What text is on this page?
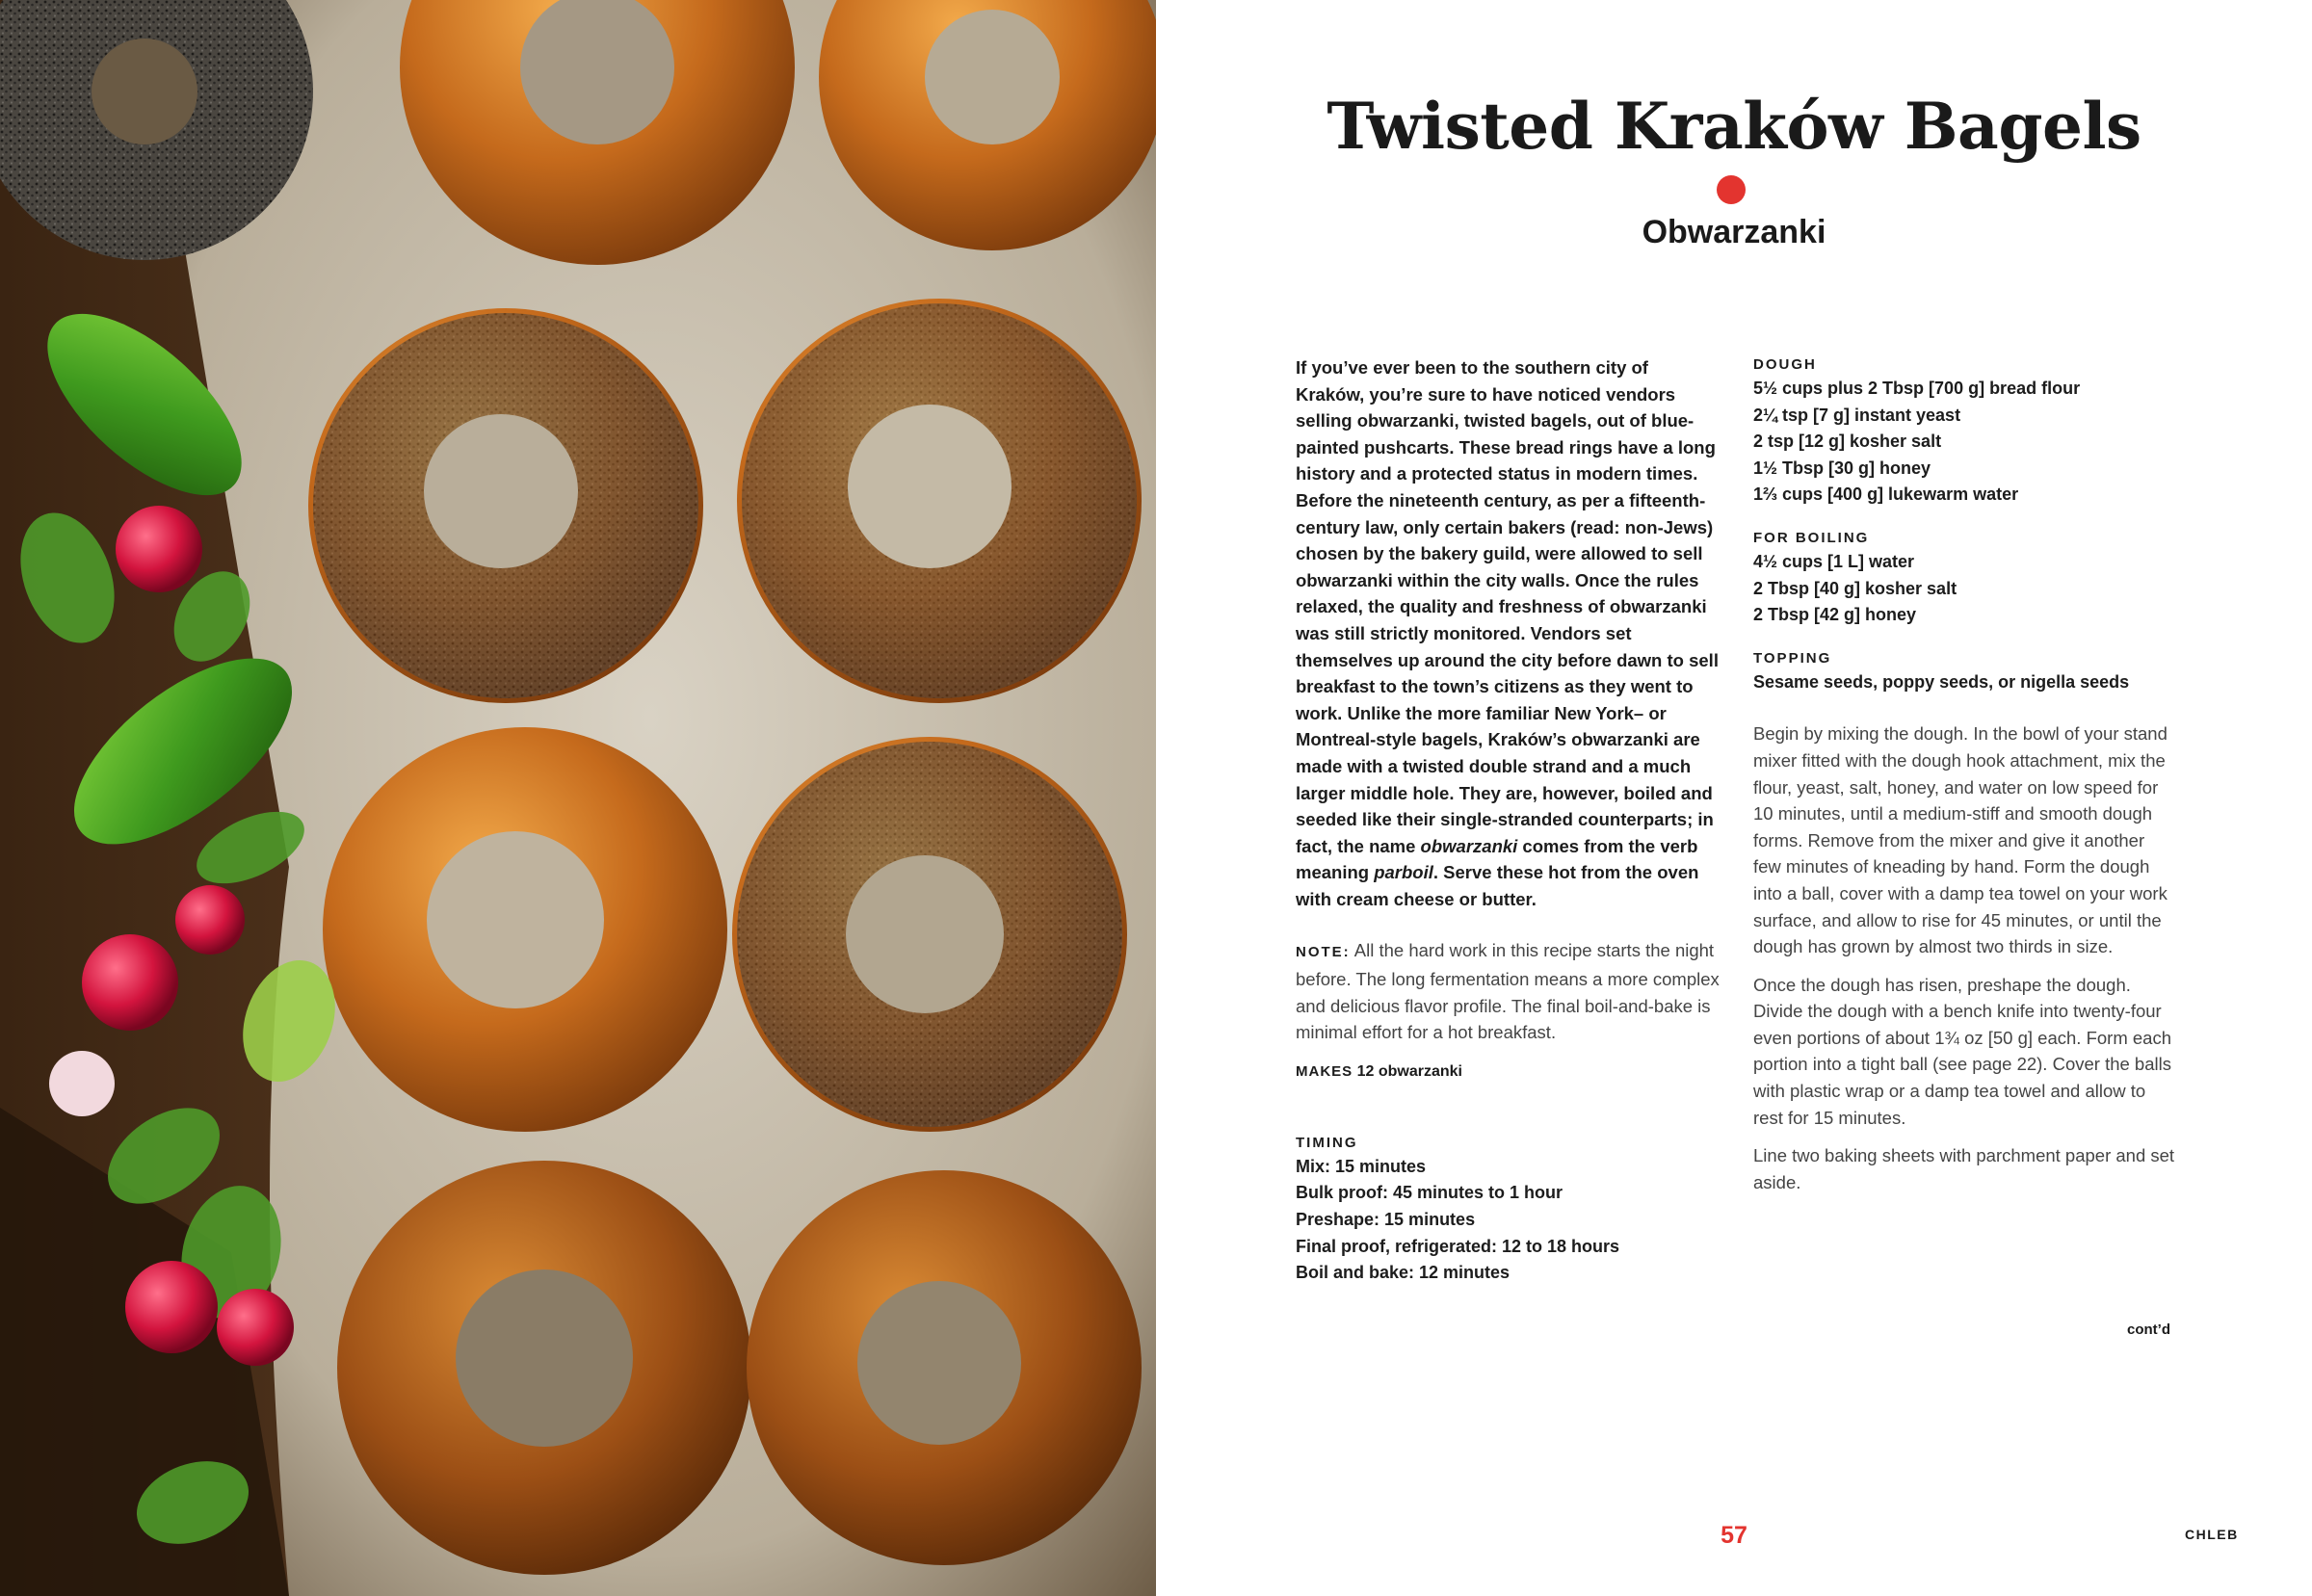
Twisted Kraków Bagels
Obwarzanki

If you’ve ever been to the southern city of Kraków, you’re sure to have noticed vendors selling obwarzanki, twisted bagels, out of blue-painted pushcarts. These bread rings have a long history and a protected status in modern times. Before the nineteenth century, as per a fifteenth-century law, only certain bakers (read: non-Jews) chosen by the bakery guild, were allowed to sell obwarzanki within the city walls. Once the rules relaxed, the quality and freshness of obwarzanki was still strictly monitored. Vendors set themselves up around the city before dawn to sell breakfast to the town’s citizens as they went to work. Unlike the more familiar New York– or Montreal-style bagels, Kraków’s obwarzanki are made with a twisted double strand and a much larger middle hole. They are, however, boiled and seeded like their single-stranded counterparts; in fact, the name obwarzanki comes from the verb meaning parboil. Serve these hot from the oven with cream cheese or butter.

NOTE: All the hard work in this recipe starts the night before. The long fermentation means a more complex and delicious flavor profile. The final boil-and-bake is minimal effort for a hot breakfast.

MAKES 12 obwarzanki

TIMING
Mix: 15 minutes
Bulk proof: 45 minutes to 1 hour
Preshape: 15 minutes
Final proof, refrigerated: 12 to 18 hours
Boil and bake: 12 minutes
DOUGH
5½ cups plus 2 Tbsp [700 g] bread flour
2¼ tsp [7 g] instant yeast
2 tsp [12 g] kosher salt
1½ Tbsp [30 g] honey
1⅔ cups [400 g] lukewarm water
FOR BOILING
4½ cups [1 L] water
2 Tbsp [40 g] kosher salt
2 Tbsp [42 g] honey
TOPPING
Sesame seeds, poppy seeds, or nigella seeds

Begin by mixing the dough. In the bowl of your stand mixer fitted with the dough hook attachment, mix the flour, yeast, salt, honey, and water on low speed for 10 minutes, until a medium-stiff and smooth dough forms. Remove from the mixer and give it another few minutes of kneading by hand. Form the dough into a ball, cover with a damp tea towel on your work surface, and allow to rise for 45 minutes, or until the dough has grown by almost two thirds in size.

Once the dough has risen, preshape the dough. Divide the dough with a bench knife into twenty-four even portions of about 1¾ oz [50 g] each. Form each portion into a tight ball (see page 22). Cover the balls with plastic wrap or a damp tea towel and allow to rest for 15 minutes.

Line two baking sheets with parchment paper and set aside.

cont’d
57	CHLEB
